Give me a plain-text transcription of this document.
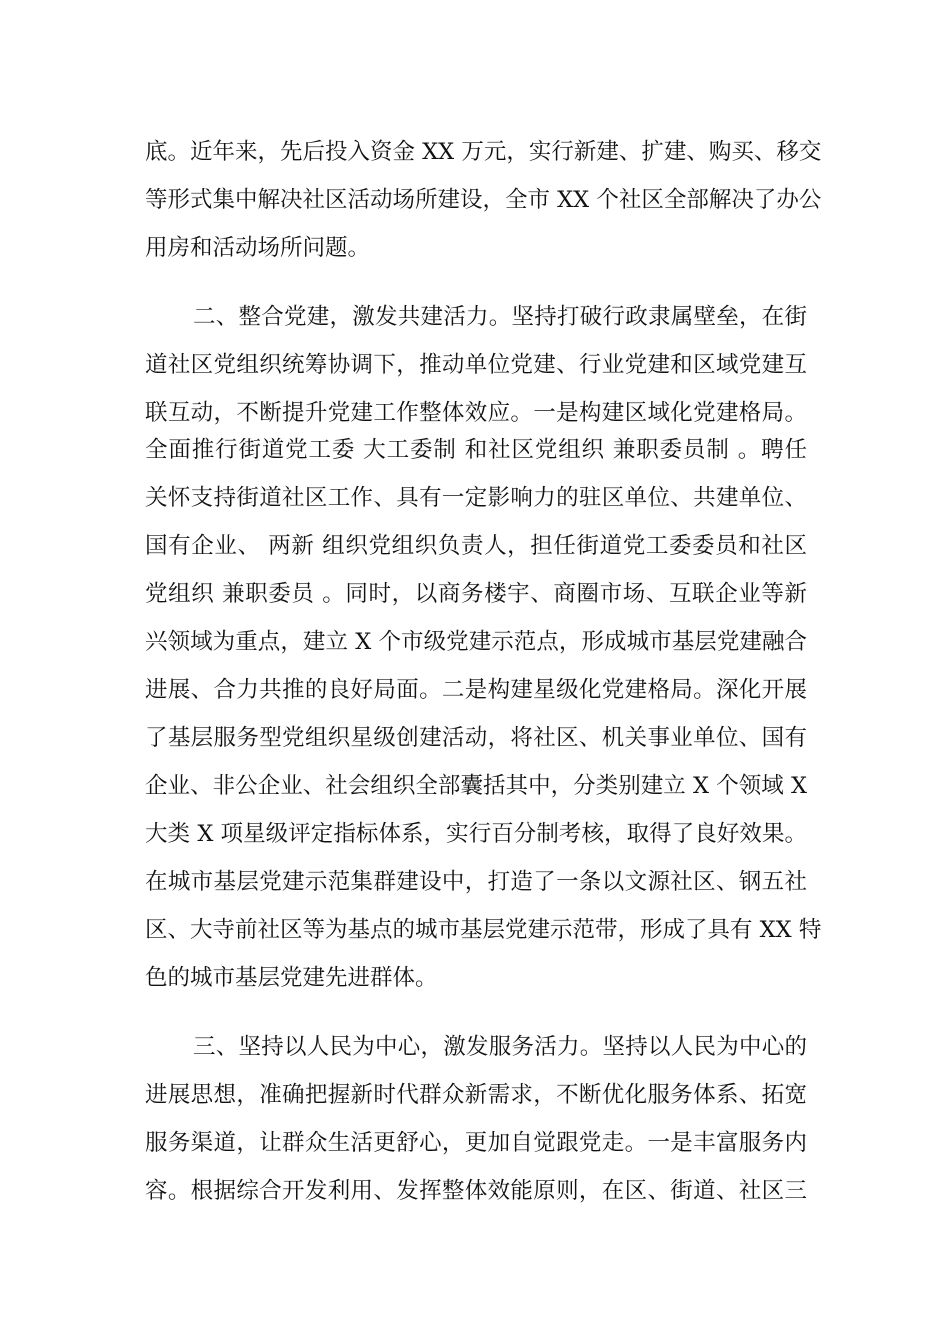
底。近年来，先后投入资金 XX 万元，实行新建、扩建、购买、移交
等形式集中解决社区活动场所建设，全市 XX 个社区全部解决了办公
用房和活动场所问题。
二、整合党建，激发共建活力。坚持打破行政隶属壁垒，在街
道社区党组织统筹协调下，推动单位党建、行业党建和区域党建互
联互动，不断提升党建工作整体效应。一是构建区域化党建格局。
全面推行街道党工委 大工委制 和社区党组织 兼职委员制 。聘任
关怀支持街道社区工作、具有一定影响力的驻区单位、共建单位、
国有企业、 两新 组织党组织负责人，担任街道党工委委员和社区
党组织 兼职委员 。同时，以商务楼宇、商圈市场、互联企业等新
兴领域为重点，建立 X 个市级党建示范点，形成城市基层党建融合
进展、合力共推的良好局面。二是构建星级化党建格局。深化开展
了基层服务型党组织星级创建活动，将社区、机关事业单位、国有
企业、非公企业、社会组织全部囊括其中，分类别建立 X 个领域 X
大类 X 项星级评定指标体系，实行百分制考核，取得了良好效果。
在城市基层党建示范集群建设中，打造了一条以文源社区、钢五社
区、大寺前社区等为基点的城市基层党建示范带，形成了具有 XX 特
色的城市基层党建先进群体。
三、坚持以人民为中心，激发服务活力。坚持以人民为中心的
进展思想，准确把握新时代群众新需求，不断优化服务体系、拓宽
服务渠道，让群众生活更舒心，更加自觉跟党走。一是丰富服务内
容。根据综合开发利用、发挥整体效能原则，在区、街道、社区三
